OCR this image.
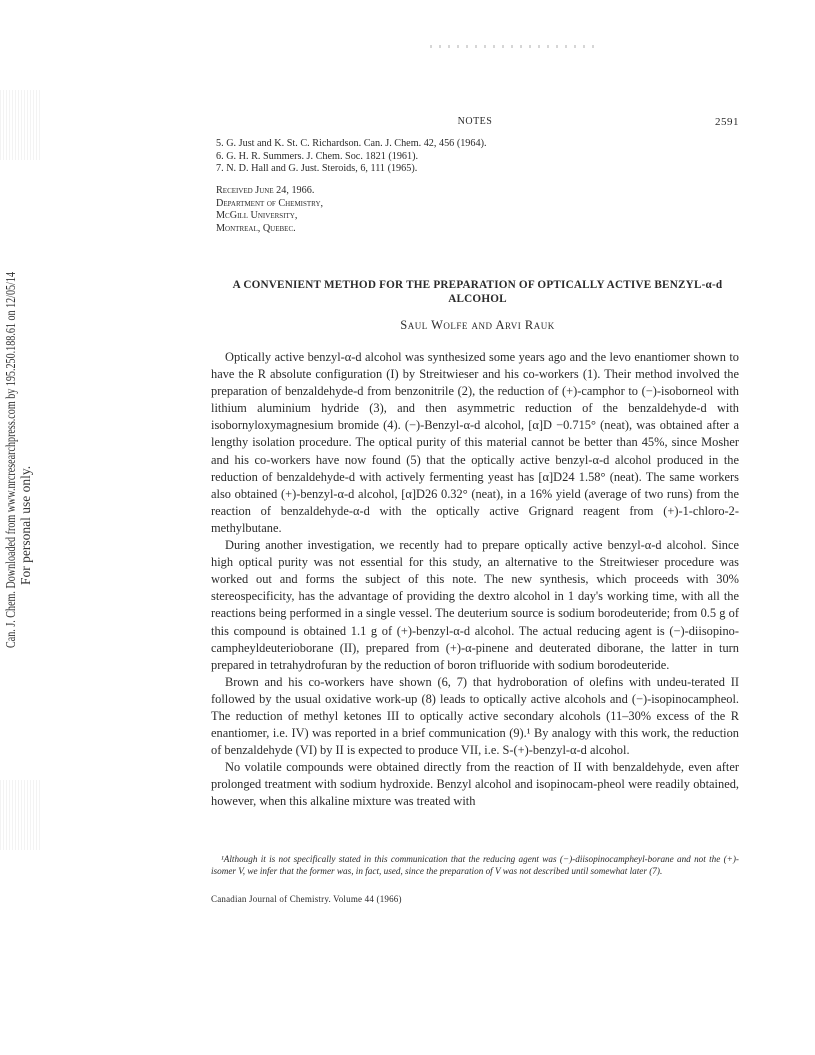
Can. J. Chem. Downloaded from www.nrcresearchpress.com by 195.250.188.61 on 12/05/14 For personal use only.
NOTES	2591
5. G. Just and K. St. C. Richardson. Can. J. Chem. 42, 456 (1964).
6. G. H. R. Summers. J. Chem. Soc. 1821 (1961).
7. N. D. Hall and G. Just. Steroids, 6, 111 (1965).
Received June 24, 1966.
Department of Chemistry,
McGill University,
Montreal, Quebec.
A CONVENIENT METHOD FOR THE PREPARATION OF OPTICALLY ACTIVE BENZYL-α-d
ALCOHOL
Saul Wolfe and Arvi Rauk

Optically active benzyl-α-d alcohol was synthesized some years ago and the levo enantiomer shown to have the R absolute configuration (I) by Streitwieser and his co-workers (1). Their method involved the preparation of benzaldehyde-d from benzonitrile (2), the reduction of (+)-camphor to (−)-isoborneol with lithium aluminium hydride (3), and then asymmetric reduction of the benzaldehyde-d with isobornyloxymagnesium bromide (4). (−)-Benzyl-α-d alcohol, [α]D −0.715° (neat), was obtained after a lengthy isolation procedure. The optical purity of this material cannot be better than 45%, since Mosher and his co-workers have now found (5) that the optically active benzyl-α-d alcohol produced in the reduction of benzaldehyde-d with actively fermenting yeast has [α]D24 1.58° (neat). The same workers also obtained (+)-benzyl-α-d alcohol, [α]D26 0.32° (neat), in a 16% yield (average of two runs) from the reaction of benzaldehyde-α-d with the optically active Grignard reagent from (+)-1-chloro-2-methylbutane.

During another investigation, we recently had to prepare optically active benzyl-α-d alcohol. Since high optical purity was not essential for this study, an alternative to the Streitwieser procedure was worked out and forms the subject of this note. The new synthesis, which proceeds with 30% stereospecificity, has the advantage of providing the dextro alcohol in 1 day's working time, with all the reactions being performed in a single vessel. The deuterium source is sodium borodeuteride; from 0.5 g of this compound is obtained 1.1 g of (+)-benzyl-α-d alcohol. The actual reducing agent is (−)-diisopino-campheyldeuterioborane (II), prepared from (+)-α-pinene and deuterated diborane, the latter in turn prepared in tetrahydrofuran by the reduction of boron trifluoride with sodium borodeuteride.

Brown and his co-workers have shown (6, 7) that hydroboration of olefins with undeu-terated II followed by the usual oxidative work-up (8) leads to optically active alcohols and (−)-isopinocampheol. The reduction of methyl ketones III to optically active secondary alcohols (11–30% excess of the R enantiomer, i.e. IV) was reported in a brief communication (9).¹ By analogy with this work, the reduction of benzaldehyde (VI) by II is expected to produce VII, i.e. S-(+)-benzyl-α-d alcohol.

No volatile compounds were obtained directly from the reaction of II with benzaldehyde, even after prolonged treatment with sodium hydroxide. Benzyl alcohol and isopinocam-pheol were readily obtained, however, when this alkaline mixture was treated with

¹Although it is not specifically stated in this communication that the reducing agent was (−)-diisopinocampheyl-borane and not the (+)-isomer V, we infer that the former was, in fact, used, since the preparation of V was not described until somewhat later (7).
Canadian Journal of Chemistry. Volume 44 (1966)
